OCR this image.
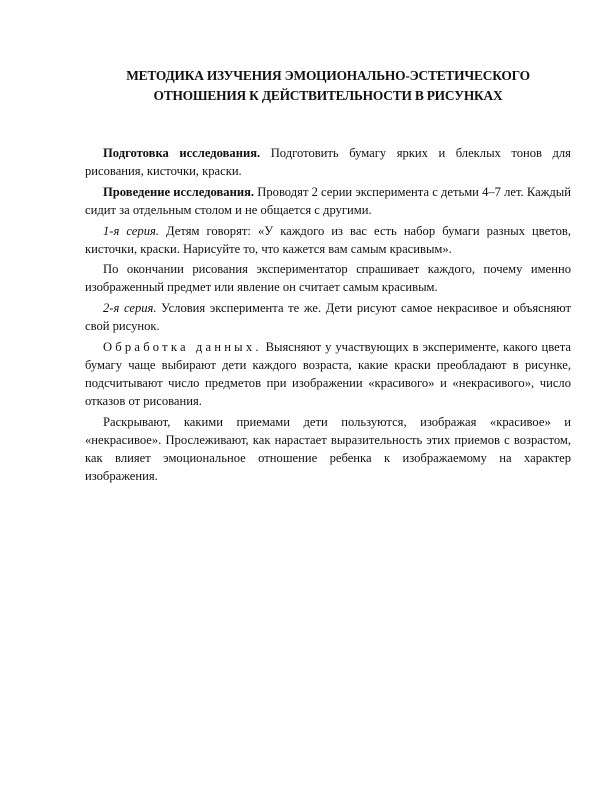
МЕТОДИКА ИЗУЧЕНИЯ ЭМОЦИОНАЛЬНО-ЭСТЕТИЧЕСКОГО
ОТНОШЕНИЯ К ДЕЙСТВИТЕЛЬНОСТИ В РИСУНКАХ

Подготовка исследования. Подготовить бумагу ярких и блеклых тонов для рисования, кисточки, краски.

Проведение исследования. Проводят 2 серии эксперимента с детьми 4–7 лет. Каждый сидит за отдельным столом и не общается с другими.

1-я серия. Детям говорят: «У каждого из вас есть набор бумаги разных цветов, кисточки, краски. Нарисуйте то, что кажется вам самым красивым».

По окончании рисования экспериментатор спрашивает каждого, почему именно изображенный предмет или явление он считает самым красивым.

2-я серия. Условия эксперимента те же. Дети рисуют самое некрасивое и объясняют свой рисунок.

Обработка данных. Выясняют у участвующих в эксперименте, какого цвета бумагу чаще выбирают дети каждого возраста, какие краски преобладают в рисунке, подсчитывают число предметов при изображении «красивого» и «некрасивого», число отказов от рисования.

Раскрывают, какими приемами дети пользуются, изображая «красивое» и «некрасивое». Прослеживают, как нарастает выразительность этих приемов с возрастом, как влияет эмоциональное отношение ребенка к изображаемому на характер изображения.
